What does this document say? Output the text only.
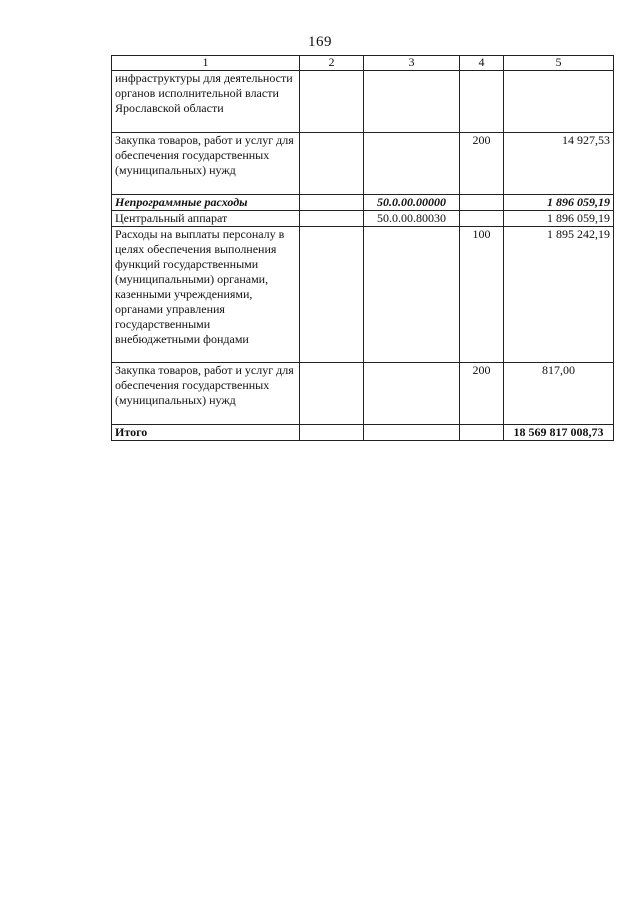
169
1	2	3	4	5
инфраструктуры для деятельности органов исполнительной власти Ярославской области				
Закупка товаров, работ и услуг для обеспечения государственных (муниципальных) нужд			200	14 927,53
Непрограммные расходы		50.0.00.00000		1 896 059,19
Центральный аппарат		50.0.00.80030		1 896 059,19
Расходы на выплаты персоналу в целях обеспечения выполнения функций государственными (муниципальными) органами, казенными учреждениями, органами управления государственными внебюджетными фондами			100	1 895 242,19
Закупка товаров, работ и услуг для обеспечения государственных (муниципальных) нужд			200	817,00
Итого				18 569 817 008,73
